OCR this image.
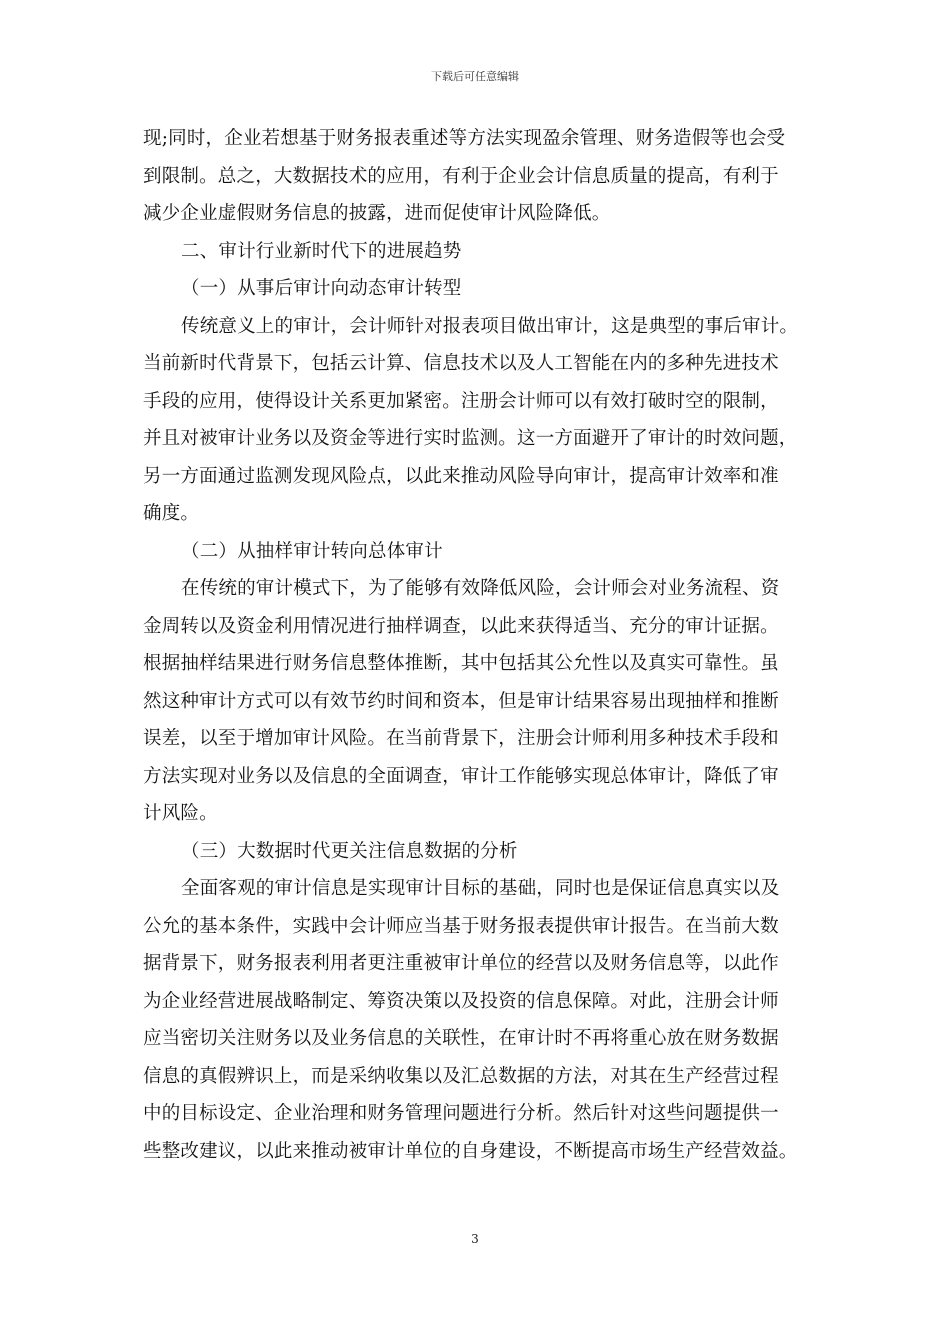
下载后可任意编辑
现;同时，企业若想基于财务报表重述等方法实现盈余管理、财务造假等也会受
到限制。总之，大数据技术的应用，有利于企业会计信息质量的提高，有利于
减少企业虚假财务信息的披露，进而促使审计风险降低。
二、审计行业新时代下的进展趋势
（一）从事后审计向动态审计转型
传统意义上的审计，会计师针对报表项目做出审计，这是典型的事后审计。
当前新时代背景下，包括云计算、信息技术以及人工智能在内的多种先进技术
手段的应用，使得设计关系更加紧密。注册会计师可以有效打破时空的限制，
并且对被审计业务以及资金等进行实时监测。这一方面避开了审计的时效问题，
另一方面通过监测发现风险点，以此来推动风险导向审计，提高审计效率和准
确度。
（二）从抽样审计转向总体审计
在传统的审计模式下，为了能够有效降低风险，会计师会对业务流程、资
金周转以及资金利用情况进行抽样调查，以此来获得适当、充分的审计证据。
根据抽样结果进行财务信息整体推断，其中包括其公允性以及真实可靠性。虽
然这种审计方式可以有效节约时间和资本，但是审计结果容易出现抽样和推断
误差，以至于增加审计风险。在当前背景下，注册会计师利用多种技术手段和
方法实现对业务以及信息的全面调查，审计工作能够实现总体审计，降低了审
计风险。
（三）大数据时代更关注信息数据的分析
全面客观的审计信息是实现审计目标的基础，同时也是保证信息真实以及
公允的基本条件，实践中会计师应当基于财务报表提供审计报告。在当前大数
据背景下，财务报表利用者更注重被审计单位的经营以及财务信息等，以此作
为企业经营进展战略制定、筹资决策以及投资的信息保障。对此，注册会计师
应当密切关注财务以及业务信息的关联性，在审计时不再将重心放在财务数据
信息的真假辨识上，而是采纳收集以及汇总数据的方法，对其在生产经营过程
中的目标设定、企业治理和财务管理问题进行分析。然后针对这些问题提供一
些整改建议，以此来推动被审计单位的自身建设，不断提高市场生产经营效益。
3
